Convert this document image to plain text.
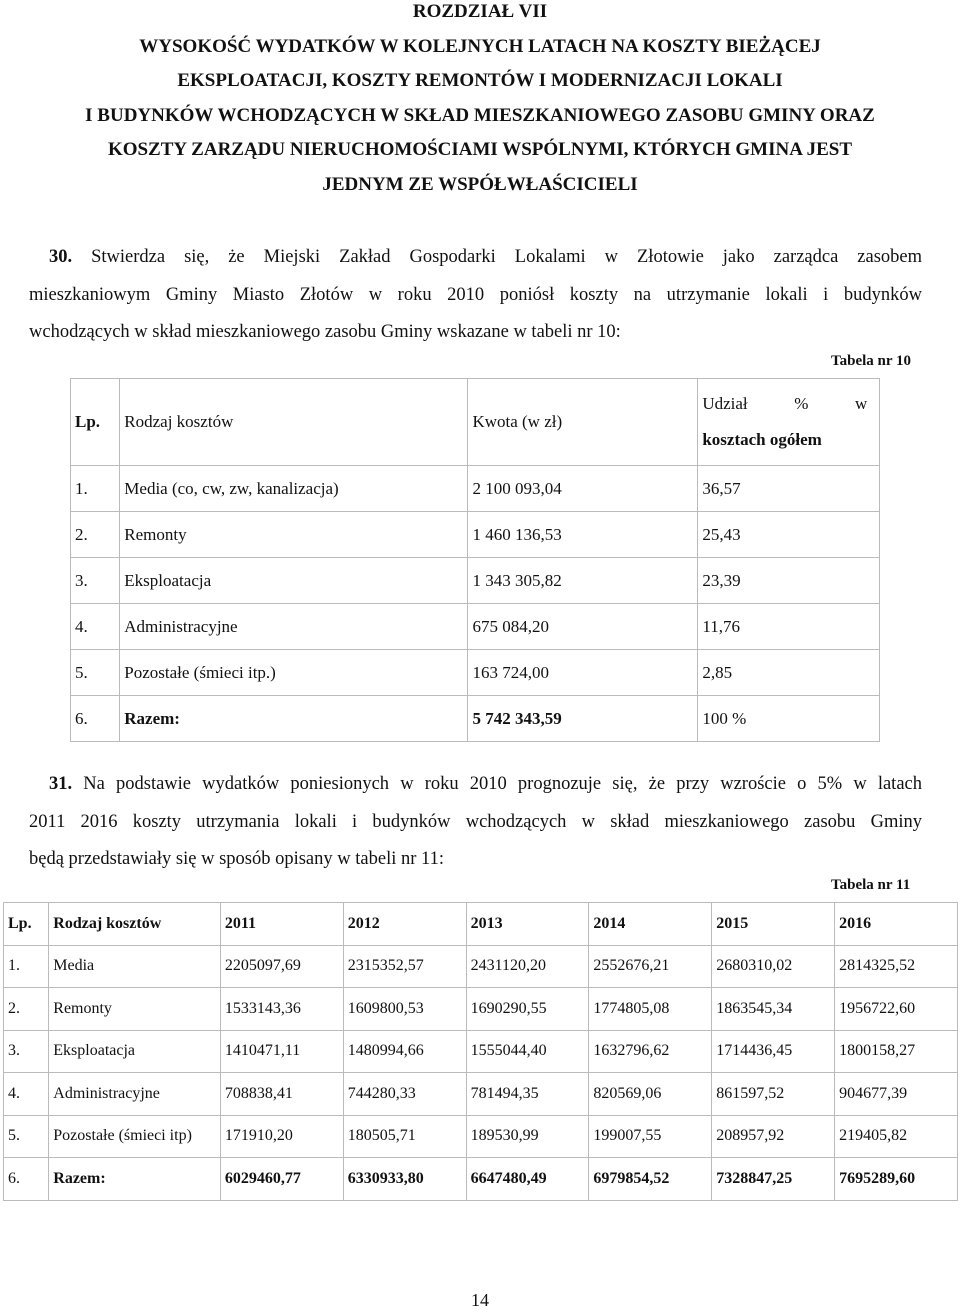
ROZDZIAŁ VII
WYSOKOŚĆ WYDATKÓW W KOLEJNYCH LATACH NA KOSZTY BIEŻĄCEJ
EKSPLOATACJI, KOSZTY REMONTÓW I MODERNIZACJI LOKALI
I BUDYNKÓW WCHODZĄCYCH W SKŁAD MIESZKANIOWEGO ZASOBU GMINY ORAZ
KOSZTY ZARZĄDU NIERUCHOMOŚCIAMI WSPÓLNYMI, KTÓRYCH GMINA JEST
JEDNYM ZE WSPÓŁWŁAŚCICIELI
30. Stwierdza się, że Miejski Zakład Gospodarki Lokalami w Złotowie jako zarządca zasobem
mieszkaniowym Gminy Miasto Złotów w roku 2010 poniósł koszty na utrzymanie lokali i budynków
wchodzących w skład mieszkaniowego zasobu Gminy wskazane w tabeli nr 10:
Tabela nr 10
Lp.	Rodzaj kosztów	Kwota (w zł)	Udział % w
kosztach ogółem

1.	Media (co, cw, zw, kanalizacja)	2 100 093,04	36,57
2.	Remonty	1 460 136,53	25,43
3.	Eksploatacja	1 343 305,82	23,39
4.	Administracyjne	675 084,20	11,76
5.	Pozostałe (śmieci itp.)	163 724,00	2,85
6.	Razem:	5 742 343,59	100 %
31. Na podstawie wydatków poniesionych w roku 2010 prognozuje się, że przy wzroście o 5% w latach
2011 2016 koszty utrzymania lokali i budynków wchodzących w skład mieszkaniowego zasobu Gminy
będą przedstawiały się w sposób opisany w tabeli nr 11:
Tabela nr 11
Lp.	Rodzaj kosztów	2011	2012	2013	2014	2015	2016
1.	Media	2205097,69	2315352,57	2431120,20	2552676,21	2680310,02	2814325,52
2.	Remonty	1533143,36	1609800,53	1690290,55	1774805,08	1863545,34	1956722,60
3.	Eksploatacja	1410471,11	1480994,66	1555044,40	1632796,62	1714436,45	1800158,27
4.	Administracyjne	708838,41	744280,33	781494,35	820569,06	861597,52	904677,39
5.	Pozostałe (śmieci itp)	171910,20	180505,71	189530,99	199007,55	208957,92	219405,82
6.	Razem:	6029460,77	6330933,80	6647480,49	6979854,52	7328847,25	7695289,60
14
